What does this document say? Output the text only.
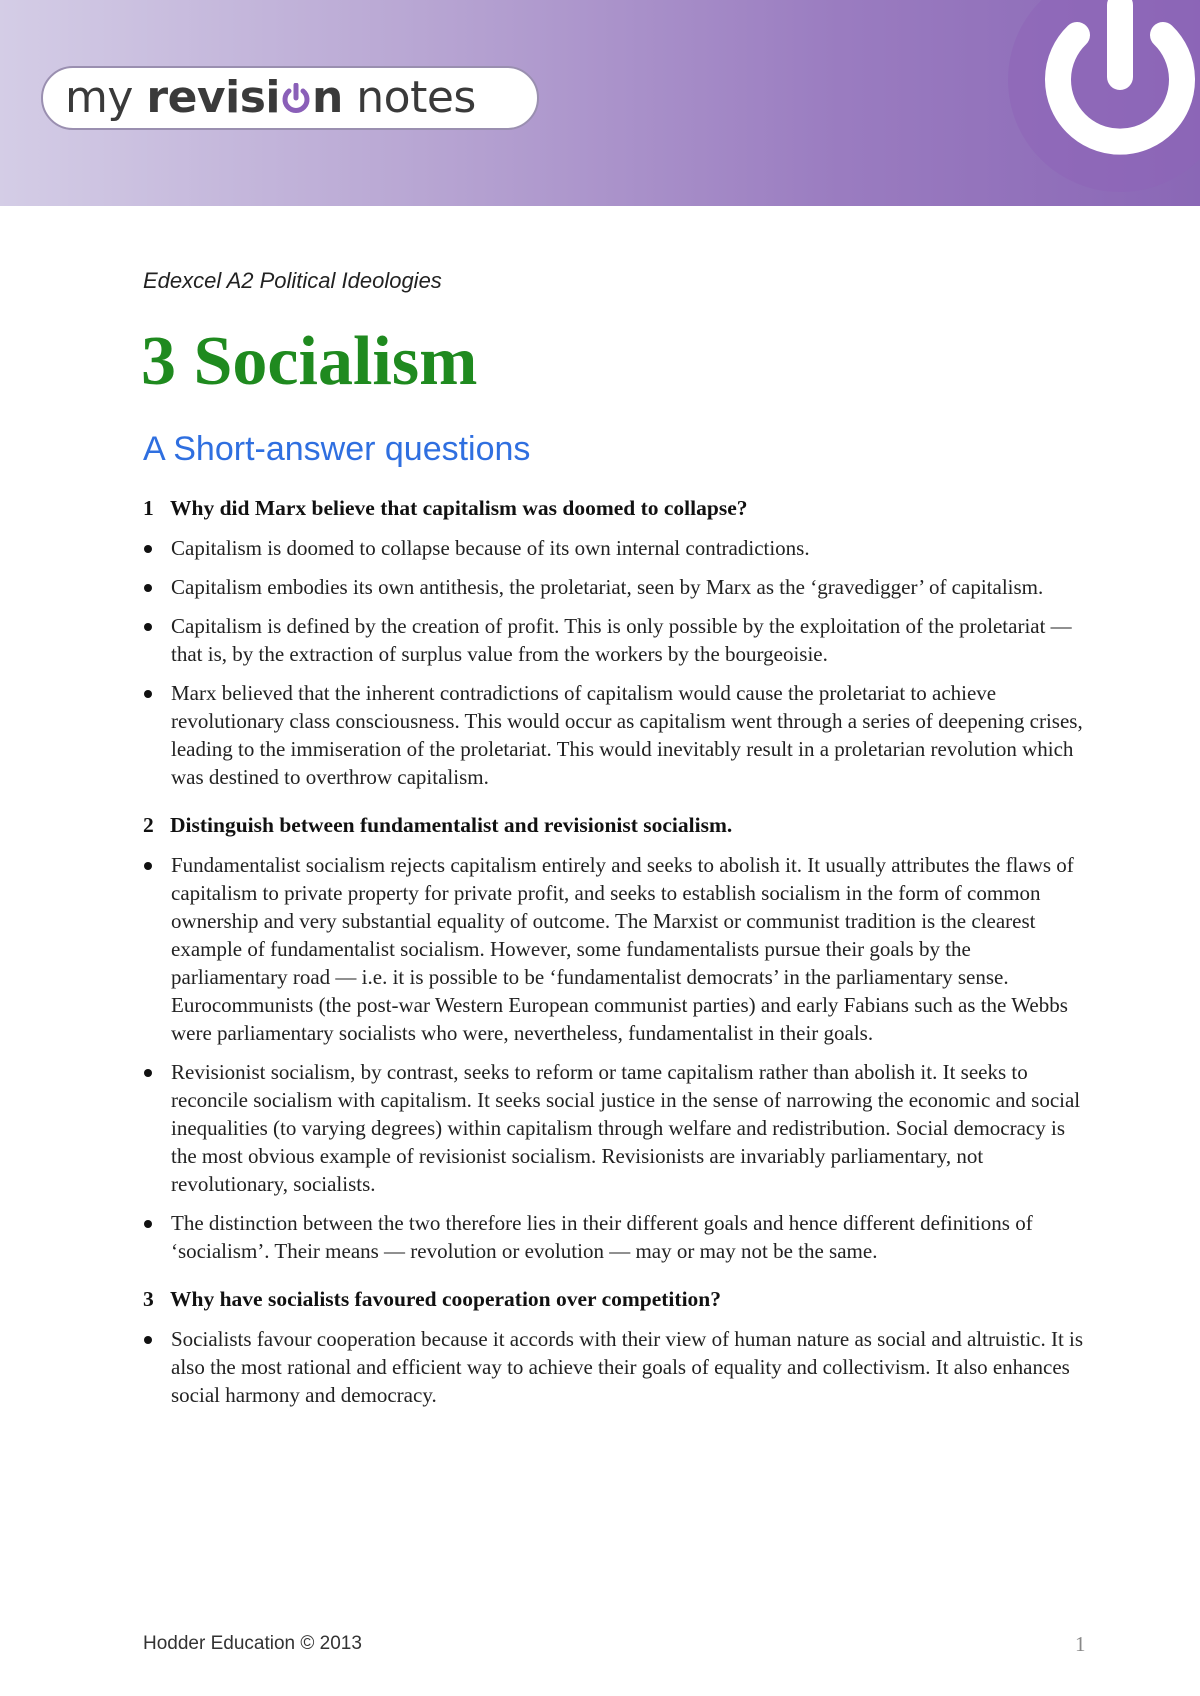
my revisi n notes
Edexcel A2 Political Ideologies
3 Socialism
A Short-answer questions
1 Why did Marx believe that capitalism was doomed to collapse?
Capitalism is doomed to collapse because of its own internal contradictions.
Capitalism embodies its own antithesis, the proletariat, seen by Marx as the ‘gravedigger’ of capitalism.
Capitalism is defined by the creation of profit. This is only possible by the exploitation of the proletariat — that is, by the extraction of surplus value from the workers by the bourgeoisie.
Marx believed that the inherent contradictions of capitalism would cause the proletariat to achieve revolutionary class consciousness. This would occur as capitalism went through a series of deepening crises, leading to the immiseration of the proletariat. This would inevitably result in a proletarian revolution which was destined to overthrow capitalism.
2 Distinguish between fundamentalist and revisionist socialism.
Fundamentalist socialism rejects capitalism entirely and seeks to abolish it. It usually attributes the flaws of capitalism to private property for private profit, and seeks to establish socialism in the form of common ownership and very substantial equality of outcome. The Marxist or communist tradition is the clearest example of fundamentalist socialism. However, some fundamentalists pursue their goals by the parliamentary road — i.e. it is possible to be ‘fundamentalist democrats’ in the parliamentary sense. Eurocommunists (the post-war Western European communist parties) and early Fabians such as the Webbs were parliamentary socialists who were, nevertheless, fundamentalist in their goals.
Revisionist socialism, by contrast, seeks to reform or tame capitalism rather than abolish it. It seeks to reconcile socialism with capitalism. It seeks social justice in the sense of narrowing the economic and social inequalities (to varying degrees) within capitalism through welfare and redistribution. Social democracy is the most obvious example of revisionist socialism. Revisionists are invariably parliamentary, not revolutionary, socialists.
The distinction between the two therefore lies in their different goals and hence different definitions of ‘socialism’. Their means — revolution or evolution — may or may not be the same.
3 Why have socialists favoured cooperation over competition?
Socialists favour cooperation because it accords with their view of human nature as social and altruistic. It is also the most rational and efficient way to achieve their goals of equality and collectivism. It also enhances social harmony and democracy.
Hodder Education © 2013	1
